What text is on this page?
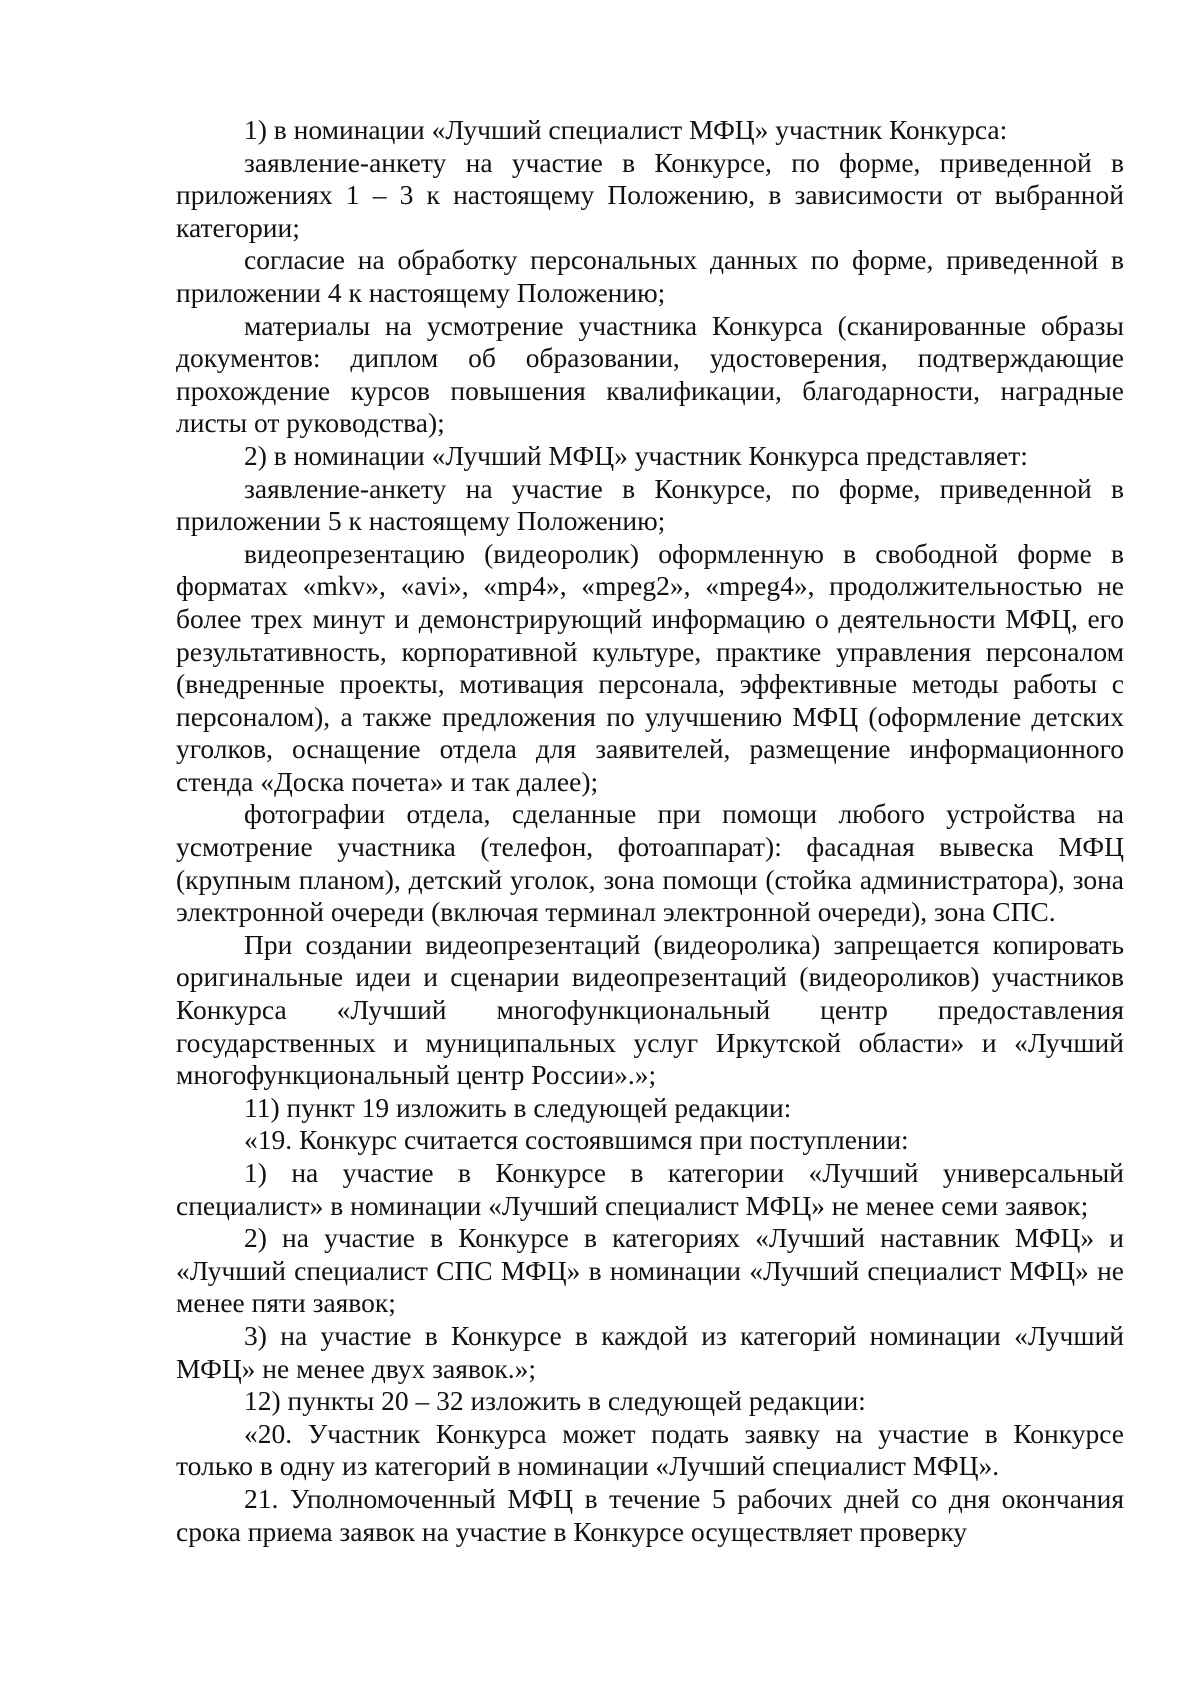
1) в номинации «Лучший специалист МФЦ» участник Конкурса:

заявление-анкету на участие в Конкурсе, по форме, приведенной в приложениях 1 – 3 к настоящему Положению, в зависимости от выбранной категории;

согласие на обработку персональных данных по форме, приведенной в приложении 4 к настоящему Положению;

материалы на усмотрение участника Конкурса (сканированные образы документов: диплом об образовании, удостоверения, подтверждающие прохождение курсов повышения квалификации, благодарности, наградные листы от руководства);

2) в номинации «Лучший МФЦ» участник Конкурса представляет:

заявление-анкету на участие в Конкурсе, по форме, приведенной в приложении 5 к настоящему Положению;

видеопрезентацию (видеоролик) оформленную в свободной форме в форматах «mkv», «avi», «mp4», «mpeg2», «mpeg4», продолжительностью не более трех минут и демонстрирующий информацию о деятельности МФЦ, его результативность, корпоративной культуре, практике управления персоналом (внедренные проекты, мотивация персонала, эффективные методы работы с персоналом), а также предложения по улучшению МФЦ (оформление детских уголков, оснащение отдела для заявителей, размещение информационного стенда «Доска почета» и так далее);

фотографии отдела, сделанные при помощи любого устройства на усмотрение участника (телефон, фотоаппарат): фасадная вывеска МФЦ (крупным планом), детский уголок, зона помощи (стойка администратора), зона электронной очереди (включая терминал электронной очереди), зона СПС.

При создании видеопрезентаций (видеоролика) запрещается копировать оригинальные идеи и сценарии видеопрезентаций (видеороликов) участников Конкурса «Лучший многофункциональный центр предоставления государственных и муниципальных услуг Иркутской области» и «Лучший многофункциональный центр России».»;

11) пункт 19 изложить в следующей редакции:

«19. Конкурс считается состоявшимся при поступлении:

1) на участие в Конкурсе в категории «Лучший универсальный специалист» в номинации «Лучший специалист МФЦ» не менее семи заявок;

2) на участие в Конкурсе в категориях «Лучший наставник МФЦ» и «Лучший специалист СПС МФЦ» в номинации «Лучший специалист МФЦ» не менее пяти заявок;

3) на участие в Конкурсе в каждой из категорий номинации «Лучший МФЦ» не менее двух заявок.»;

12) пункты 20 – 32 изложить в следующей редакции:

«20. Участник Конкурса может подать заявку на участие в Конкурсе только в одну из категорий в номинации «Лучший специалист МФЦ».

21. Уполномоченный МФЦ в течение 5 рабочих дней со дня окончания срока приема заявок на участие в Конкурсе осуществляет проверку
